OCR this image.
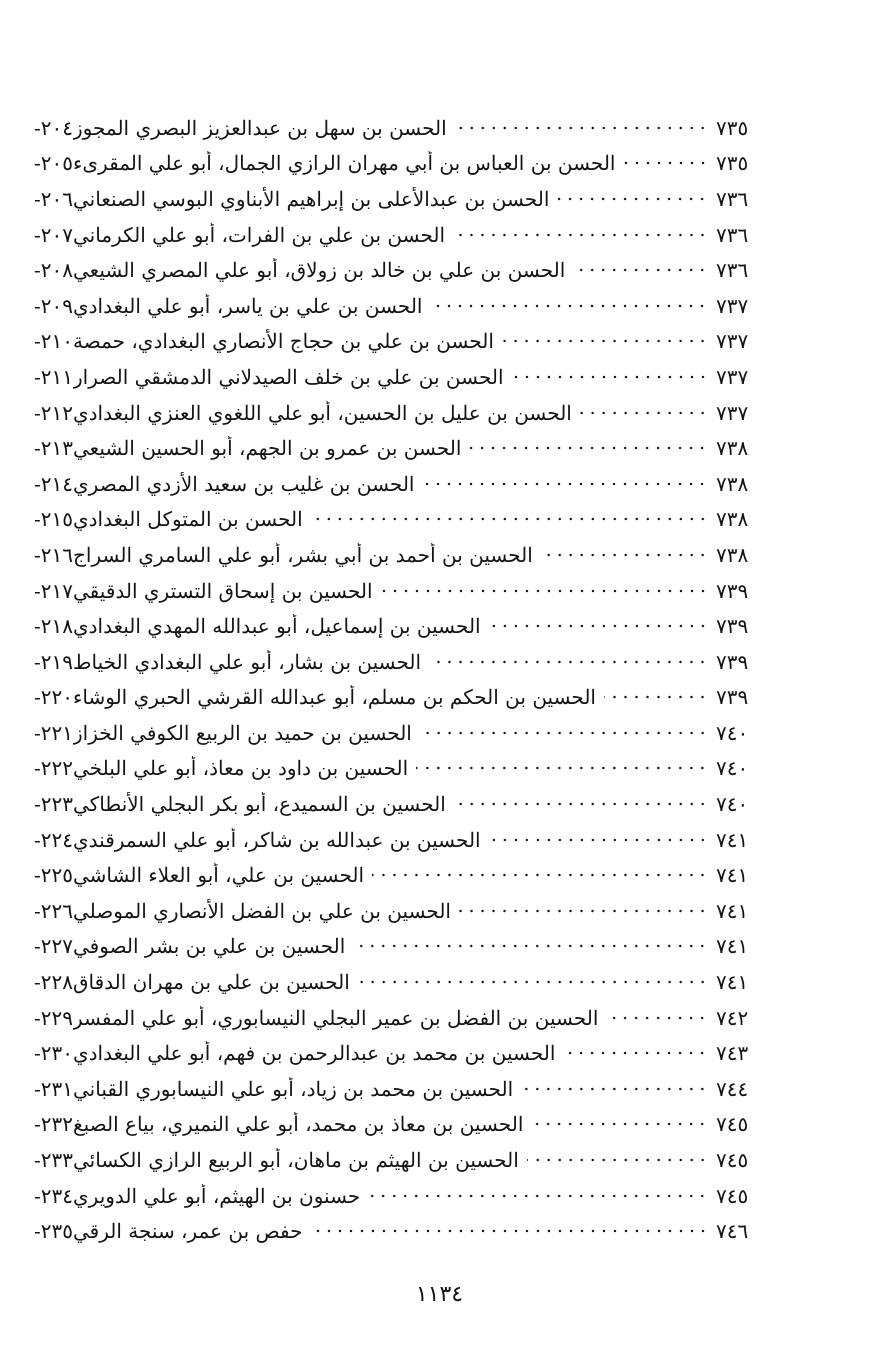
٢٠٤- الحسن بن سهل بن عبدالعزيز البصري المجوز	٧٣٥
٢٠٥- الحسن بن العباس بن أبي مهران الرازي الجمال، أبو علي المقرىء	٧٣٥
٢٠٦- الحسن بن عبدالأعلى بن إبراهيم الأبناوي البوسي الصنعاني	٧٣٦
٢٠٧- الحسن بن علي بن الفرات، أبو علي الكرماني	٧٣٦
٢٠٨- الحسن بن علي بن خالد بن زولاق، أبو علي المصري الشيعي	٧٣٦
٢٠٩- الحسن بن علي بن ياسر، أبو علي البغدادي	٧٣٧
٢١٠- الحسن بن علي بن حجاج الأنصاري البغدادي، حمصة	٧٣٧
٢١١- الحسن بن علي بن خلف الصيدلاني الدمشقي الصرار	٧٣٧
٢١٢- الحسن بن عليل بن الحسين، أبو علي اللغوي العنزي البغدادي	٧٣٧
٢١٣- الحسن بن عمرو بن الجهم، أبو الحسين الشيعي	٧٣٨
٢١٤- الحسن بن غليب بن سعيد الأزدي المصري	٧٣٨
٢١٥- الحسن بن المتوكل البغدادي	٧٣٨
٢١٦- الحسين بن أحمد بن أبي بشر، أبو علي السامري السراج	٧٣٨
٢١٧- الحسين بن إسحاق التستري الدقيقي	٧٣٩
٢١٨- الحسين بن إسماعيل، أبو عبدالله المهدي البغدادي	٧٣٩
٢١٩- الحسين بن بشار، أبو علي البغدادي الخياط	٧٣٩
٢٢٠- الحسين بن الحكم بن مسلم، أبو عبدالله القرشي الحبري الوشاء	٧٣٩
٢٢١- الحسين بن حميد بن الربيع الكوفي الخزاز	٧٤٠
٢٢٢- الحسين بن داود بن معاذ، أبو علي البلخي	٧٤٠
٢٢٣- الحسين بن السميدع، أبو بكر البجلي الأنطاكي	٧٤٠
٢٢٤- الحسين بن عبدالله بن شاكر، أبو علي السمرقندي	٧٤١
٢٢٥- الحسين بن علي، أبو العلاء الشاشي	٧٤١
٢٢٦- الحسين بن علي بن الفضل الأنصاري الموصلي	٧٤١
٢٢٧- الحسين بن علي بن بشر الصوفي	٧٤١
٢٢٨- الحسين بن علي بن مهران الدقاق	٧٤١
٢٢٩- الحسين بن الفضل بن عمير البجلي النيسابوري، أبو علي المفسر	٧٤٢
٢٣٠- الحسين بن محمد بن عبدالرحمن بن فهم، أبو علي البغدادي	٧٤٣
٢٣١- الحسين بن محمد بن زياد، أبو علي النيسابوري القباني	٧٤٤
٢٣٢- الحسين بن معاذ بن محمد، أبو علي النميري، بياع الصبغ	٧٤٥
٢٣٣- الحسين بن الهيثم بن ماهان، أبو الربيع الرازي الكسائي	٧٤٥
٢٣٤- حسنون بن الهيثم، أبو علي الدويري	٧٤٥
٢٣٥- حفص بن عمر، سنجة الرقي	٧٤٦
١١٣٤
